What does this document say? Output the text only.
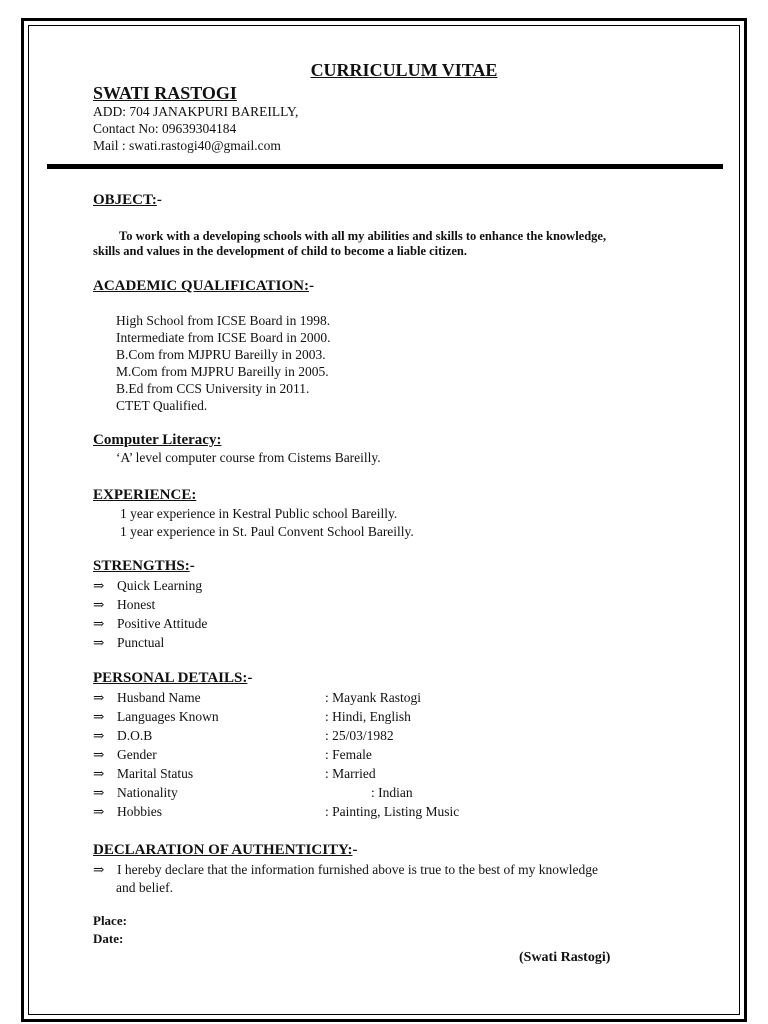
CURRICULUM VITAE
SWATI RASTOGI
ADD: 704 JANAKPURI BAREILLY,
Contact No: 09639304184
Mail : swati.rastogi40@gmail.com
OBJECT:-
To work with a developing schools with all my abilities and skills to enhance the knowledge,
skills and values in the development of child to become a liable citizen.
ACADEMIC QUALIFICATION:-
High School from ICSE Board in 1998.
Intermediate from ICSE Board in 2000.
B.Com from MJPRU Bareilly in 2003.
M.Com from MJPRU Bareilly in 2005.
B.Ed from CCS University in 2011.
CTET Qualified.
Computer Literacy:
‘A’ level computer course from Cistems Bareilly.
EXPERIENCE:
1 year experience in Kestral Public school Bareilly.
1 year experience in St. Paul Convent School Bareilly.
STRENGTHS:-
⇒ Quick Learning
⇒ Honest
⇒ Positive Attitude
⇒ Punctual
PERSONAL DETAILS:-
⇒ Husband Name	: Mayank Rastogi
⇒ Languages Known	: Hindi, English
⇒ D.O.B	: 25/03/1982
⇒ Gender	: Female
⇒ Marital Status	: Married
⇒ Nationality	: Indian
⇒ Hobbies	: Painting, Listing Music
DECLARATION OF AUTHENTICITY:-
⇒ I hereby declare that the information furnished above is true to the best of my knowledge
and belief.
Place:
Date:
(Swati Rastogi)
